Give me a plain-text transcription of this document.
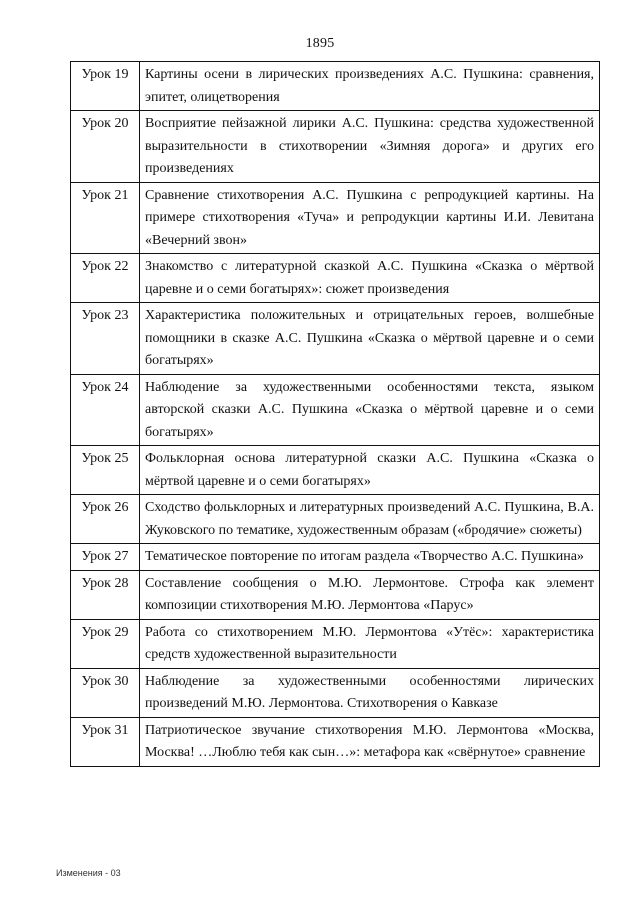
1895
Урок 19	Картины осени в лирических произведениях А.С. Пушкина: сравнения, эпитет, олицетворения
Урок 20	Восприятие пейзажной лирики А.С. Пушкина: средства художественной выразительности в стихотворении «Зимняя дорога» и других его произведениях
Урок 21	Сравнение стихотворения А.С. Пушкина с репродукцией картины. На примере стихотворения «Туча» и репродукции картины И.И. Левитана «Вечерний звон»
Урок 22	Знакомство с литературной сказкой А.С. Пушкина «Сказка о мёртвой царевне и о семи богатырях»: сюжет произведения
Урок 23	Характеристика положительных и отрицательных героев, волшебные помощники в сказке А.С. Пушкина «Сказка о мёртвой царевне и о семи богатырях»
Урок 24	Наблюдение за художественными особенностями текста, языком авторской сказки А.С. Пушкина «Сказка о мёртвой царевне и о семи богатырях»
Урок 25	Фольклорная основа литературной сказки А.С. Пушкина «Сказка о мёртвой царевне и о семи богатырях»
Урок 26	Сходство фольклорных и литературных произведений А.С. Пушкина, В.А. Жуковского по тематике, художественным образам («бродячие» сюжеты)
Урок 27	Тематическое повторение по итогам раздела «Творчество А.С. Пушкина»
Урок 28	Составление сообщения о М.Ю. Лермонтове. Строфа как элемент композиции стихотворения М.Ю. Лермонтова «Парус»
Урок 29	Работа со стихотворением М.Ю. Лермонтова «Утёс»: характеристика средств художественной выразительности
Урок 30	Наблюдение за художественными особенностями лирических произведений М.Ю. Лермонтова. Стихотворения о Кавказе
Урок 31	Патриотическое звучание стихотворения М.Ю. Лермонтова «Москва, Москва! …Люблю тебя как сын…»: метафора как «свёрнутое» сравнение
Изменения - 03
